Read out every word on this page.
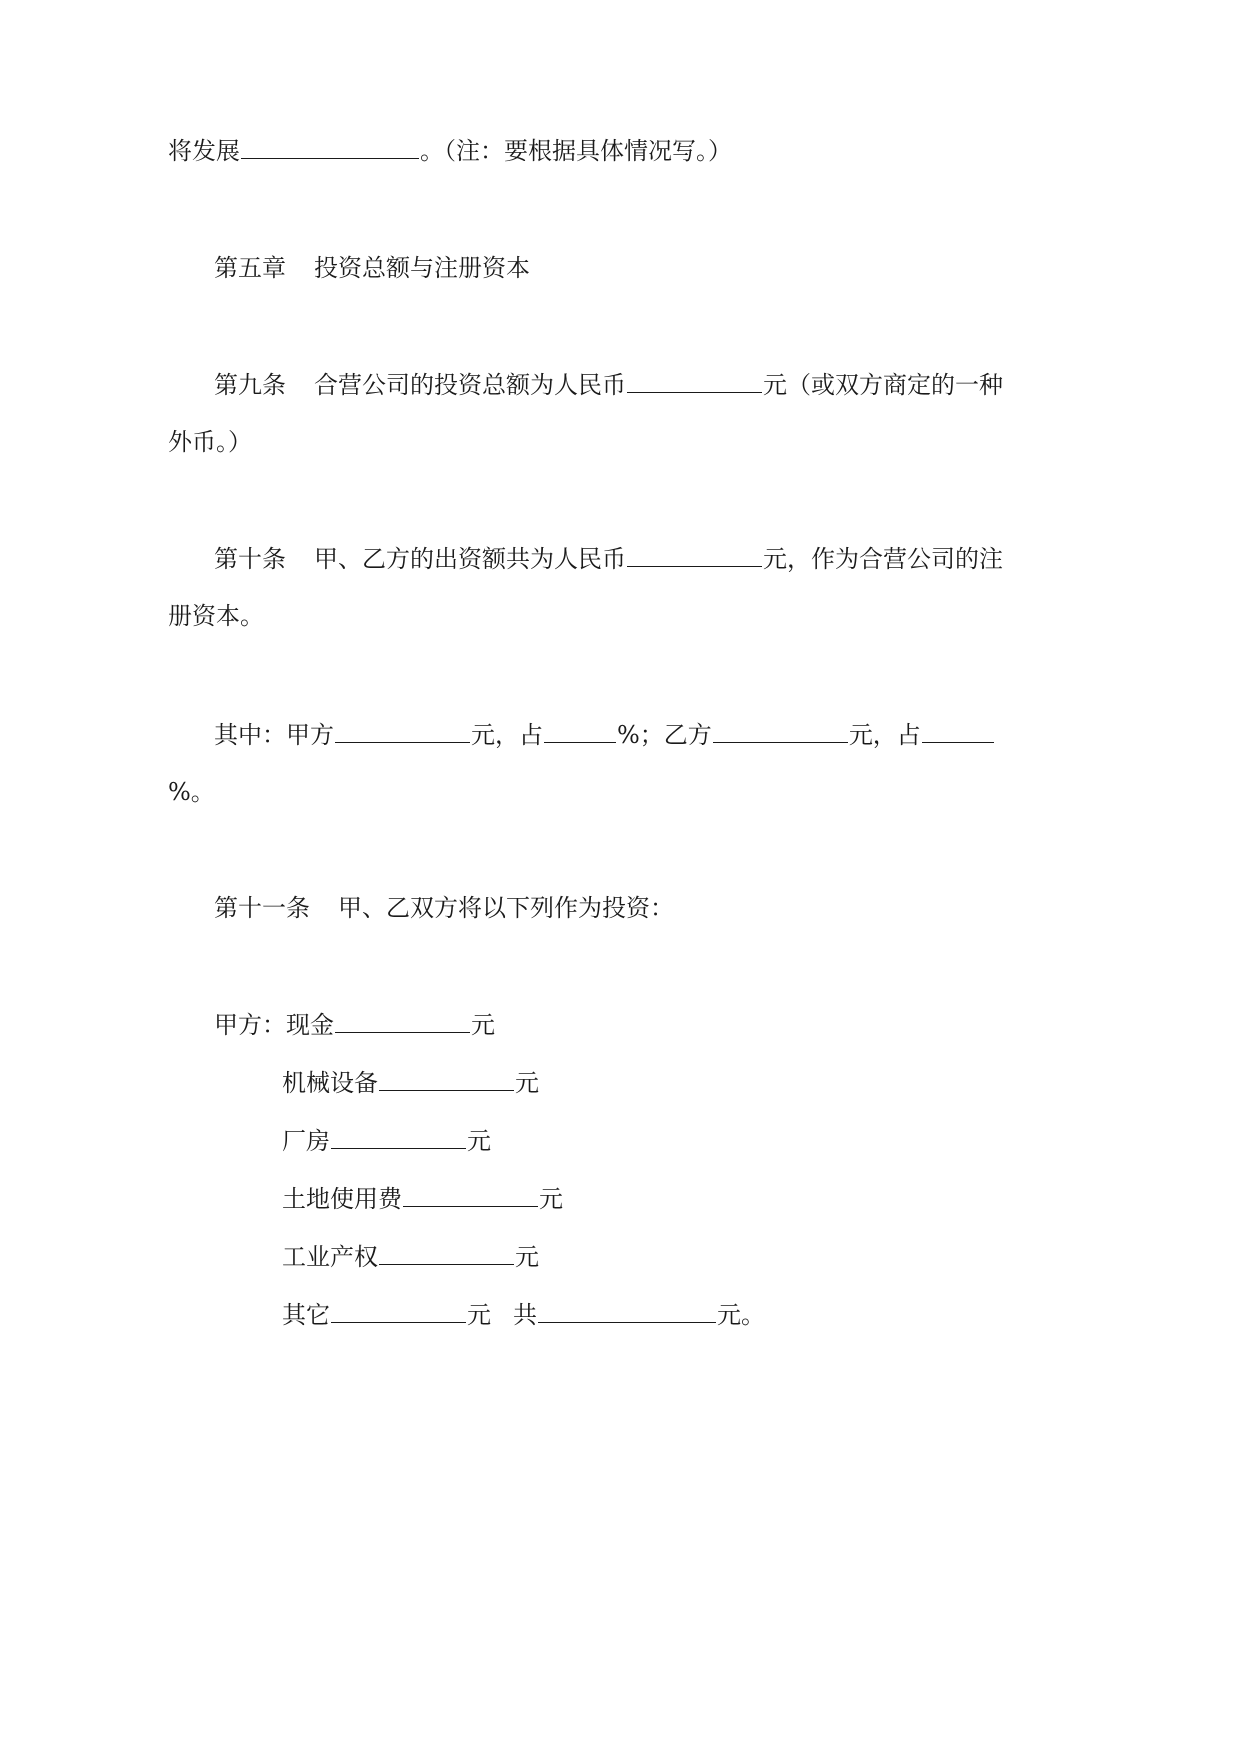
将发展	。（注：要根据具体情况写。）
第五章 投资总额与注册资本
第九条 合营公司的投资总额为人民币	元（或双方商定的一种
外币。）
第十条 甲、乙方的出资额共为人民币	元，作为合营公司的注
册资本。
其中：甲方	元，占	%；乙方	元，占
%。
第十一条 甲、乙双方将以下列作为投资：
甲方：现金	元
机械设备	元
厂房	元
土地使用费	元
工业产权	元
其它	元 共	元。
